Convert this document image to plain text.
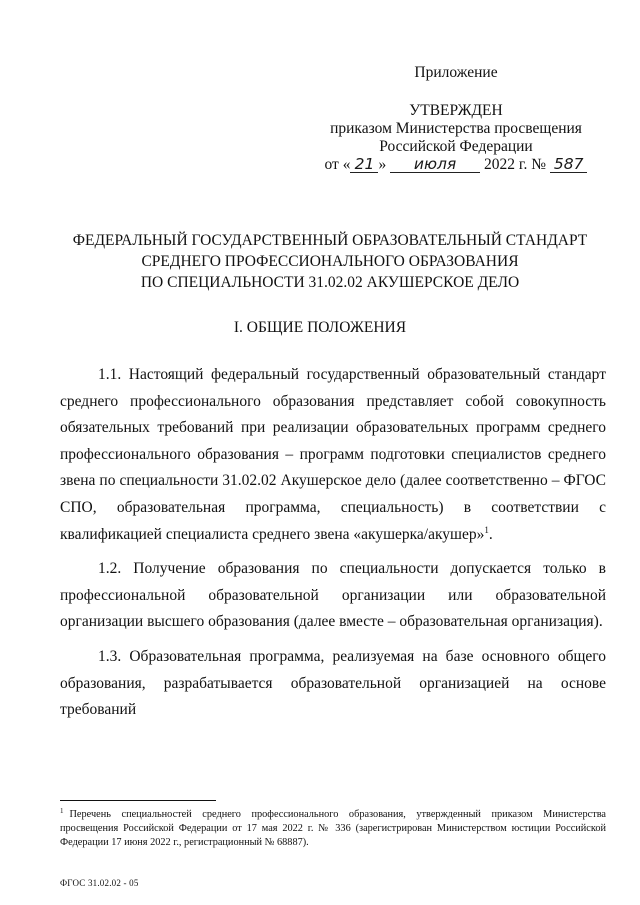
Приложение
УТВЕРЖДЕН
приказом Министерства просвещения
Российской Федерации
от « 21 » июля 2022 г. № 587
ФЕДЕРАЛЬНЫЙ ГОСУДАРСТВЕННЫЙ ОБРАЗОВАТЕЛЬНЫЙ СТАНДАРТ
СРЕДНЕГО ПРОФЕССИОНАЛЬНОГО ОБРАЗОВАНИЯ
ПО СПЕЦИАЛЬНОСТИ 31.02.02 АКУШЕРСКОЕ ДЕЛО
I. ОБЩИЕ ПОЛОЖЕНИЯ

1.1. Настоящий федеральный государственный образовательный стандарт среднего профессионального образования представляет собой совокупность обязательных требований при реализации образовательных программ среднего профессионального образования – программ подготовки специалистов среднего звена по специальности 31.02.02 Акушерское дело (далее соответственно – ФГОС СПО, образовательная программа, специальность) в соответствии с квалификацией специалиста среднего звена «акушерка/акушер»$^1$.

1.2. Получение образования по специальности допускается только в профессиональной образовательной организации или образовательной организации высшего образования (далее вместе – образовательная организация).

1.3. Образовательная программа, реализуемая на базе основного общего образования, разрабатывается образовательной организацией на основе требований

$^1$ Перечень специальностей среднего профессионального образования, утвержденный приказом Министерства просвещения Российской Федерации от 17 мая 2022 г. № 336 (зарегистрирован Министерством юстиции Российской Федерации 17 июня 2022 г., регистрационный № 68887).
ФГОС 31.02.02 - 05
